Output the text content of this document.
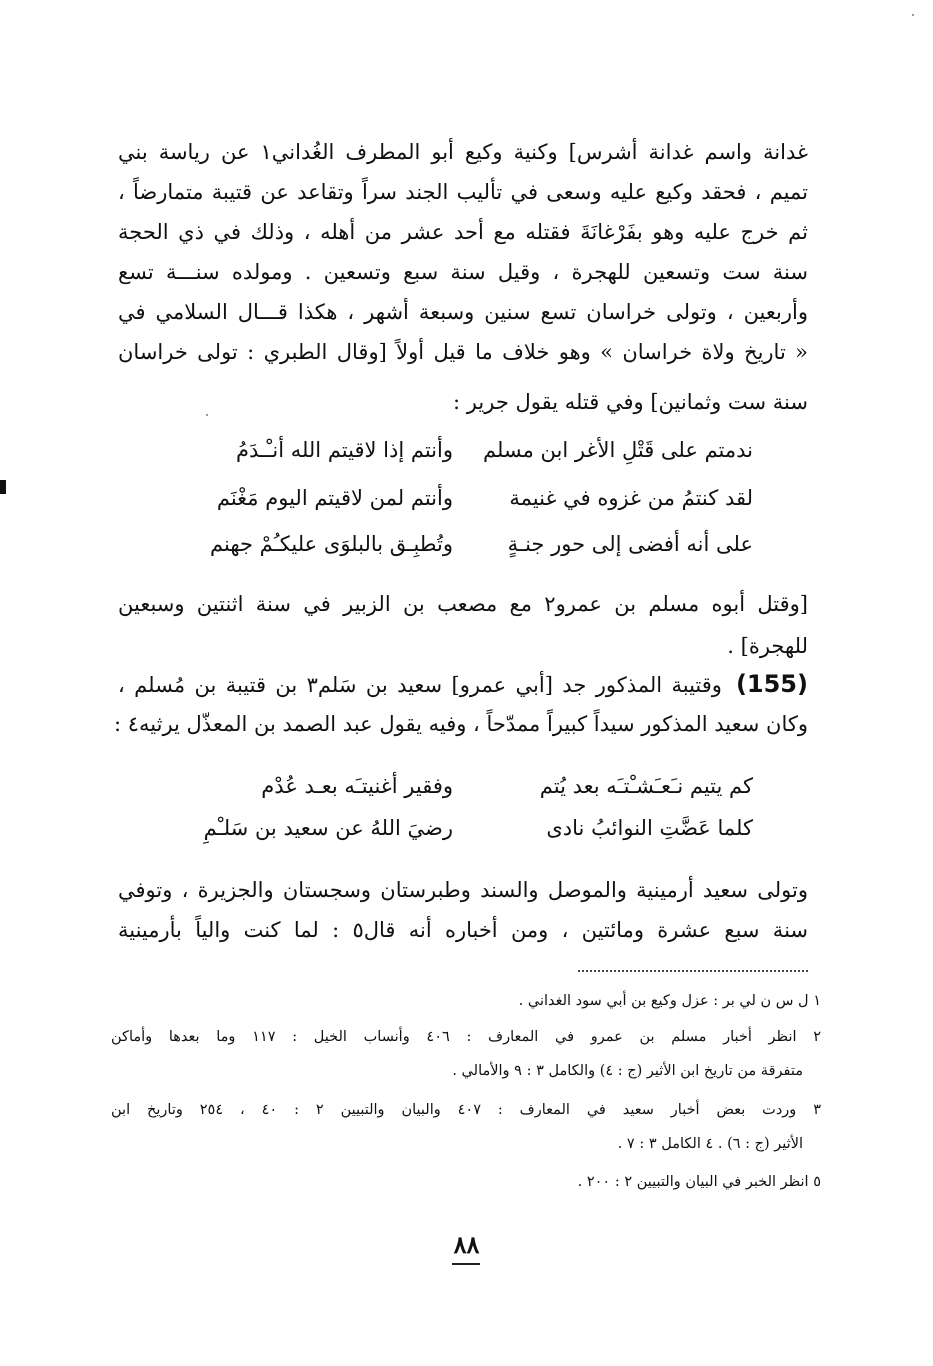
غدانة واسم غدانة أشرس] وكنية وكيع أبو المطرف الغُداني١ عن رياسة بني
تميم ، فحقد وكيع عليه وسعى في تأليب الجند سراً وتقاعد عن قتيبة متمارضاً ،
ثم خرج عليه وهو بفَرْغانَةَ فقتله مع أحد عشر من أهله ، وذلك في ذي الحجة
سنة ست وتسعين للهجرة ، وقيل سنة سبع وتسعين . ومولده سنـــة تسع
وأربعين ، وتولى خراسان تسع سنين وسبعة أشهر ، هكذا قـــال السلامي في
« تاريخ ولاة خراسان » وهو خلاف ما قيل أولاً [وقال الطبري : تولى خراسان
سنة ست وثمانين] وفي قتله يقول جرير :
ندمتم على قَتْلِ الأغر ابن مسلم
وأنتم إذا لاقيتم الله أنـْـدَمُ
لقد كنتمُ من غزوه في غنيمة
وأنتم لمن لاقيتم اليوم مَغْنَم
على أنه أفضى إلى حور جنـةٍ
وتُطبِـق بالبلوَى عليكـُمْ جهنم
[وقتل أبوه مسلم بن عمرو٢ مع مصعب بن الزبير في سنة اثنتين وسبعين
للهجرة] .
(155)وقتيبة المذكور جد [أبي عمرو] سعيد بن سَلم٣ بن قتيبة بن مُسلم ،
وكان سعيد المذكور سيداً كبيراً ممدّحاً ، وفيه يقول عبد الصمد بن المعذّل يرثيه٤ :
كم يتيم نـَعـَشـْتـَه بعد يُتم
وفقير أغنيتـَه بعـد عُدْم
كلما عَضَّتِ النوائبُ نادى
رضيَ اللهُ عن سعيد بن سَلـْمِ
وتولى سعيد أرمينية والموصل والسند وطبرستان وسجستان والجزيرة ، وتوفي
سنة سبع عشرة ومائتين ، ومن أخباره أنه قال٥ : لما كنت والياً بأرمينية
١ ل س ن لي بر : عزل وكيع بن أبي سود الغداني .
٢ انظر أخبار مسلم بن عمرو في المعارف : ٤٠٦ وأنساب الخيل : ١١٧ وما بعدها وأماكن
متفرقة من تاريخ ابن الأثير (ج : ٤) والكامل ٣ : ٩ والأمالي .
٣ وردت بعض أخبار سعيد في المعارف : ٤٠٧ والبيان والتبيين ٢ : ٤٠ ، ٢٥٤ وتاريخ ابن
الأثير (ج : ٦) . ٤ الكامل ٣ : ٧ .
٥ انظر الخبر في البيان والتبيين ٢ : ٢٠٠ .
٨٨
